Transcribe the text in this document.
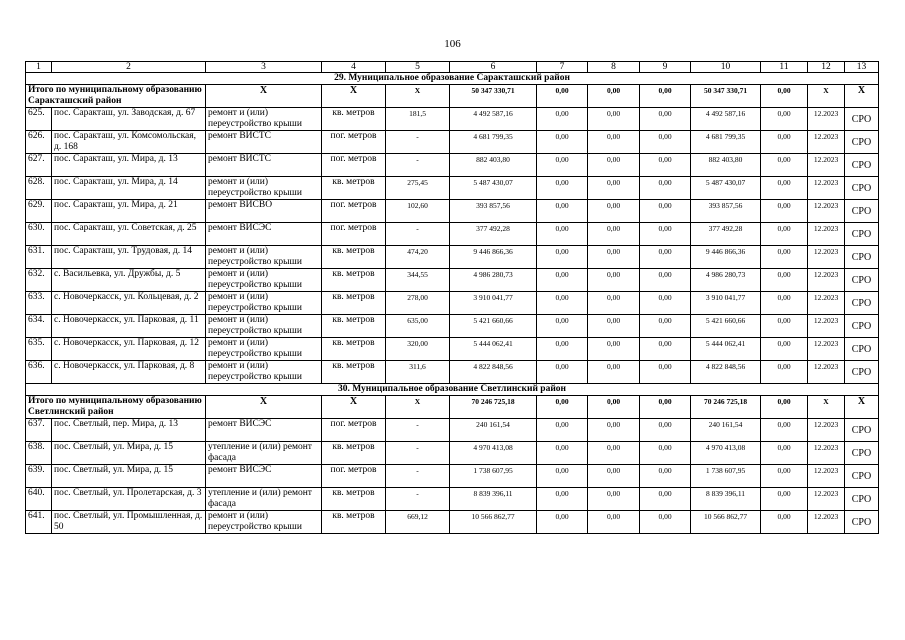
106
1	2	3	4	5	6	7	8	9	10	11	12	13
29. Муниципальное образование Саракташский район												
Итого по муниципальному образованию Саракташский район		X	X	X	50 347 330,71	0,00	0,00	0,00	50 347 330,71	0,00	X	X
625.	пос. Саракташ, ул. Заводская, д. 67	ремонт и (или) переустройство крыши	кв. метров	181,5	4 492 587,16	0,00	0,00	0,00	4 492 587,16	0,00	12.2023	СРО
626.	пос. Саракташ, ул. Комсомольская, д. 168	ремонт ВИСТС	пог. метров	-	4 681 799,35	0,00	0,00	0,00	4 681 799,35	0,00	12.2023	СРО
627.	пос. Саракташ, ул. Мира, д. 13	ремонт ВИСТС	пог. метров	-	882 403,80	0,00	0,00	0,00	882 403,80	0,00	12.2023	СРО
628.	пос. Саракташ, ул. Мира, д. 14	ремонт и (или) переустройство крыши	кв. метров	275,45	5 487 430,07	0,00	0,00	0,00	5 487 430,07	0,00	12.2023	СРО
629.	пос. Саракташ, ул. Мира, д. 21	ремонт ВИСВО	пог. метров	102,60	393 857,56	0,00	0,00	0,00	393 857,56	0,00	12.2023	СРО
630.	пос. Саракташ, ул. Советская, д. 25	ремонт ВИСЭС	пог. метров	-	377 492,28	0,00	0,00	0,00	377 492,28	0,00	12.2023	СРО
631.	пос. Саракташ, ул. Трудовая, д. 14	ремонт и (или) переустройство крыши	кв. метров	474,20	9 446 866,36	0,00	0,00	0,00	9 446 866,36	0,00	12.2023	СРО
632.	с. Васильевка, ул. Дружбы, д. 5	ремонт и (или) переустройство крыши	кв. метров	344,55	4 986 280,73	0,00	0,00	0,00	4 986 280,73	0,00	12.2023	СРО
633.	с. Новочеркасск, ул. Кольцевая, д. 2	ремонт и (или) переустройство крыши	кв. метров	278,00	3 910 041,77	0,00	0,00	0,00	3 910 041,77	0,00	12.2023	СРО
634.	с. Новочеркасск, ул. Парковая, д. 11	ремонт и (или) переустройство крыши	кв. метров	635,00	5 421 660,66	0,00	0,00	0,00	5 421 660,66	0,00	12.2023	СРО
635.	с. Новочеркасск, ул. Парковая, д. 12	ремонт и (или) переустройство крыши	кв. метров	320,00	5 444 062,41	0,00	0,00	0,00	5 444 062,41	0,00	12.2023	СРО
636.	с. Новочеркасск, ул. Парковая, д. 8	ремонт и (или) переустройство крыши	кв. метров	311,6	4 822 848,56	0,00	0,00	0,00	4 822 848,56	0,00	12.2023	СРО
30. Муниципальное образование Светлинский район												
Итого по муниципальному образованию Светлинский район		X	X	X	70 246 725,18	0,00	0,00	0,00	70 246 725,18	0,00	X	X
637.	пос. Светлый, пер. Мира, д. 13	ремонт ВИСЭС	пог. метров	-	240 161,54	0,00	0,00	0,00	240 161,54	0,00	12.2023	СРО
638.	пос. Светлый, ул. Мира, д. 15	утепление и (или) ремонт фасада	кв. метров	-	4 970 413,08	0,00	0,00	0,00	4 970 413,08	0,00	12.2023	СРО
639.	пос. Светлый, ул. Мира, д. 15	ремонт ВИСЭС	пог. метров	-	1 738 607,95	0,00	0,00	0,00	1 738 607,95	0,00	12.2023	СРО
640.	пос. Светлый, ул. Пролетарская, д. 3	утепление и (или) ремонт фасада	кв. метров	-	8 839 396,11	0,00	0,00	0,00	8 839 396,11	0,00	12.2023	СРО
641.	пос. Светлый, ул. Промышленная, д. 50	ремонт и (или) переустройство крыши	кв. метров	669,12	10 566 862,77	0,00	0,00	0,00	10 566 862,77	0,00	12.2023	СРО
